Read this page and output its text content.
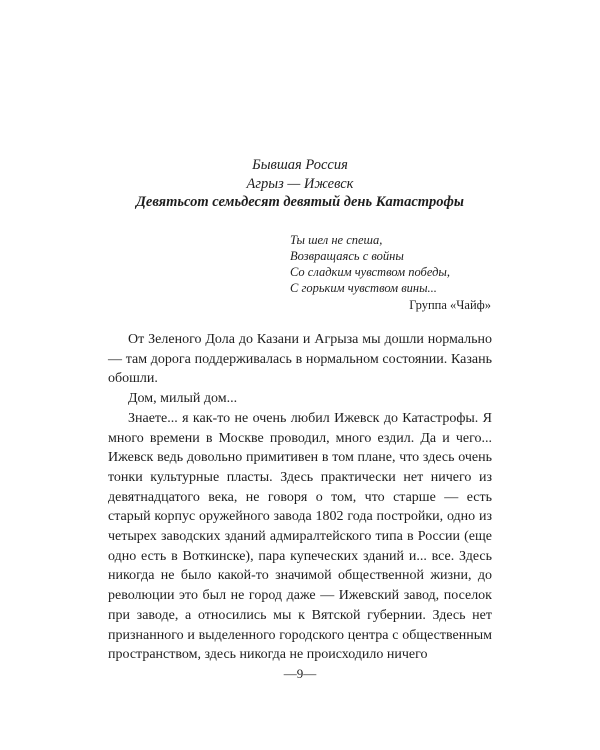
Бывшая Россия
Агрыз — Ижевск
Девятьсот семьдесят девятый день Катастрофы
Ты шел не спеша,
Возвращаясь с войны
Со сладким чувством победы,
С горьким чувством вины...
Группа «Чайф»

От Зеленого Дола до Казани и Агрыза мы дошли нормально — там дорога поддерживалась в нормальном состоянии. Казань обошли.

Дом, милый дом...

Знаете... я как-то не очень любил Ижевск до Катастрофы. Я много времени в Москве проводил, много ездил. Да и чего... Ижевск ведь довольно примитивен в том плане, что здесь очень тонки культурные пласты. Здесь практически нет ничего из девятнадцатого века, не говоря о том, что старше — есть старый корпус оружейного завода 1802 года постройки, одно из четырех заводских зданий адмиралтейского типа в России (еще одно есть в Воткинске), пара купеческих зданий и... все. Здесь никогда не было какой-то значимой общественной жизни, до революции это был не город даже — Ижевский завод, поселок при заводе, а относились мы к Вятской губернии. Здесь нет признанного и выделенного городского центра с общественным пространством, здесь никогда не происходило ничего

—9—
